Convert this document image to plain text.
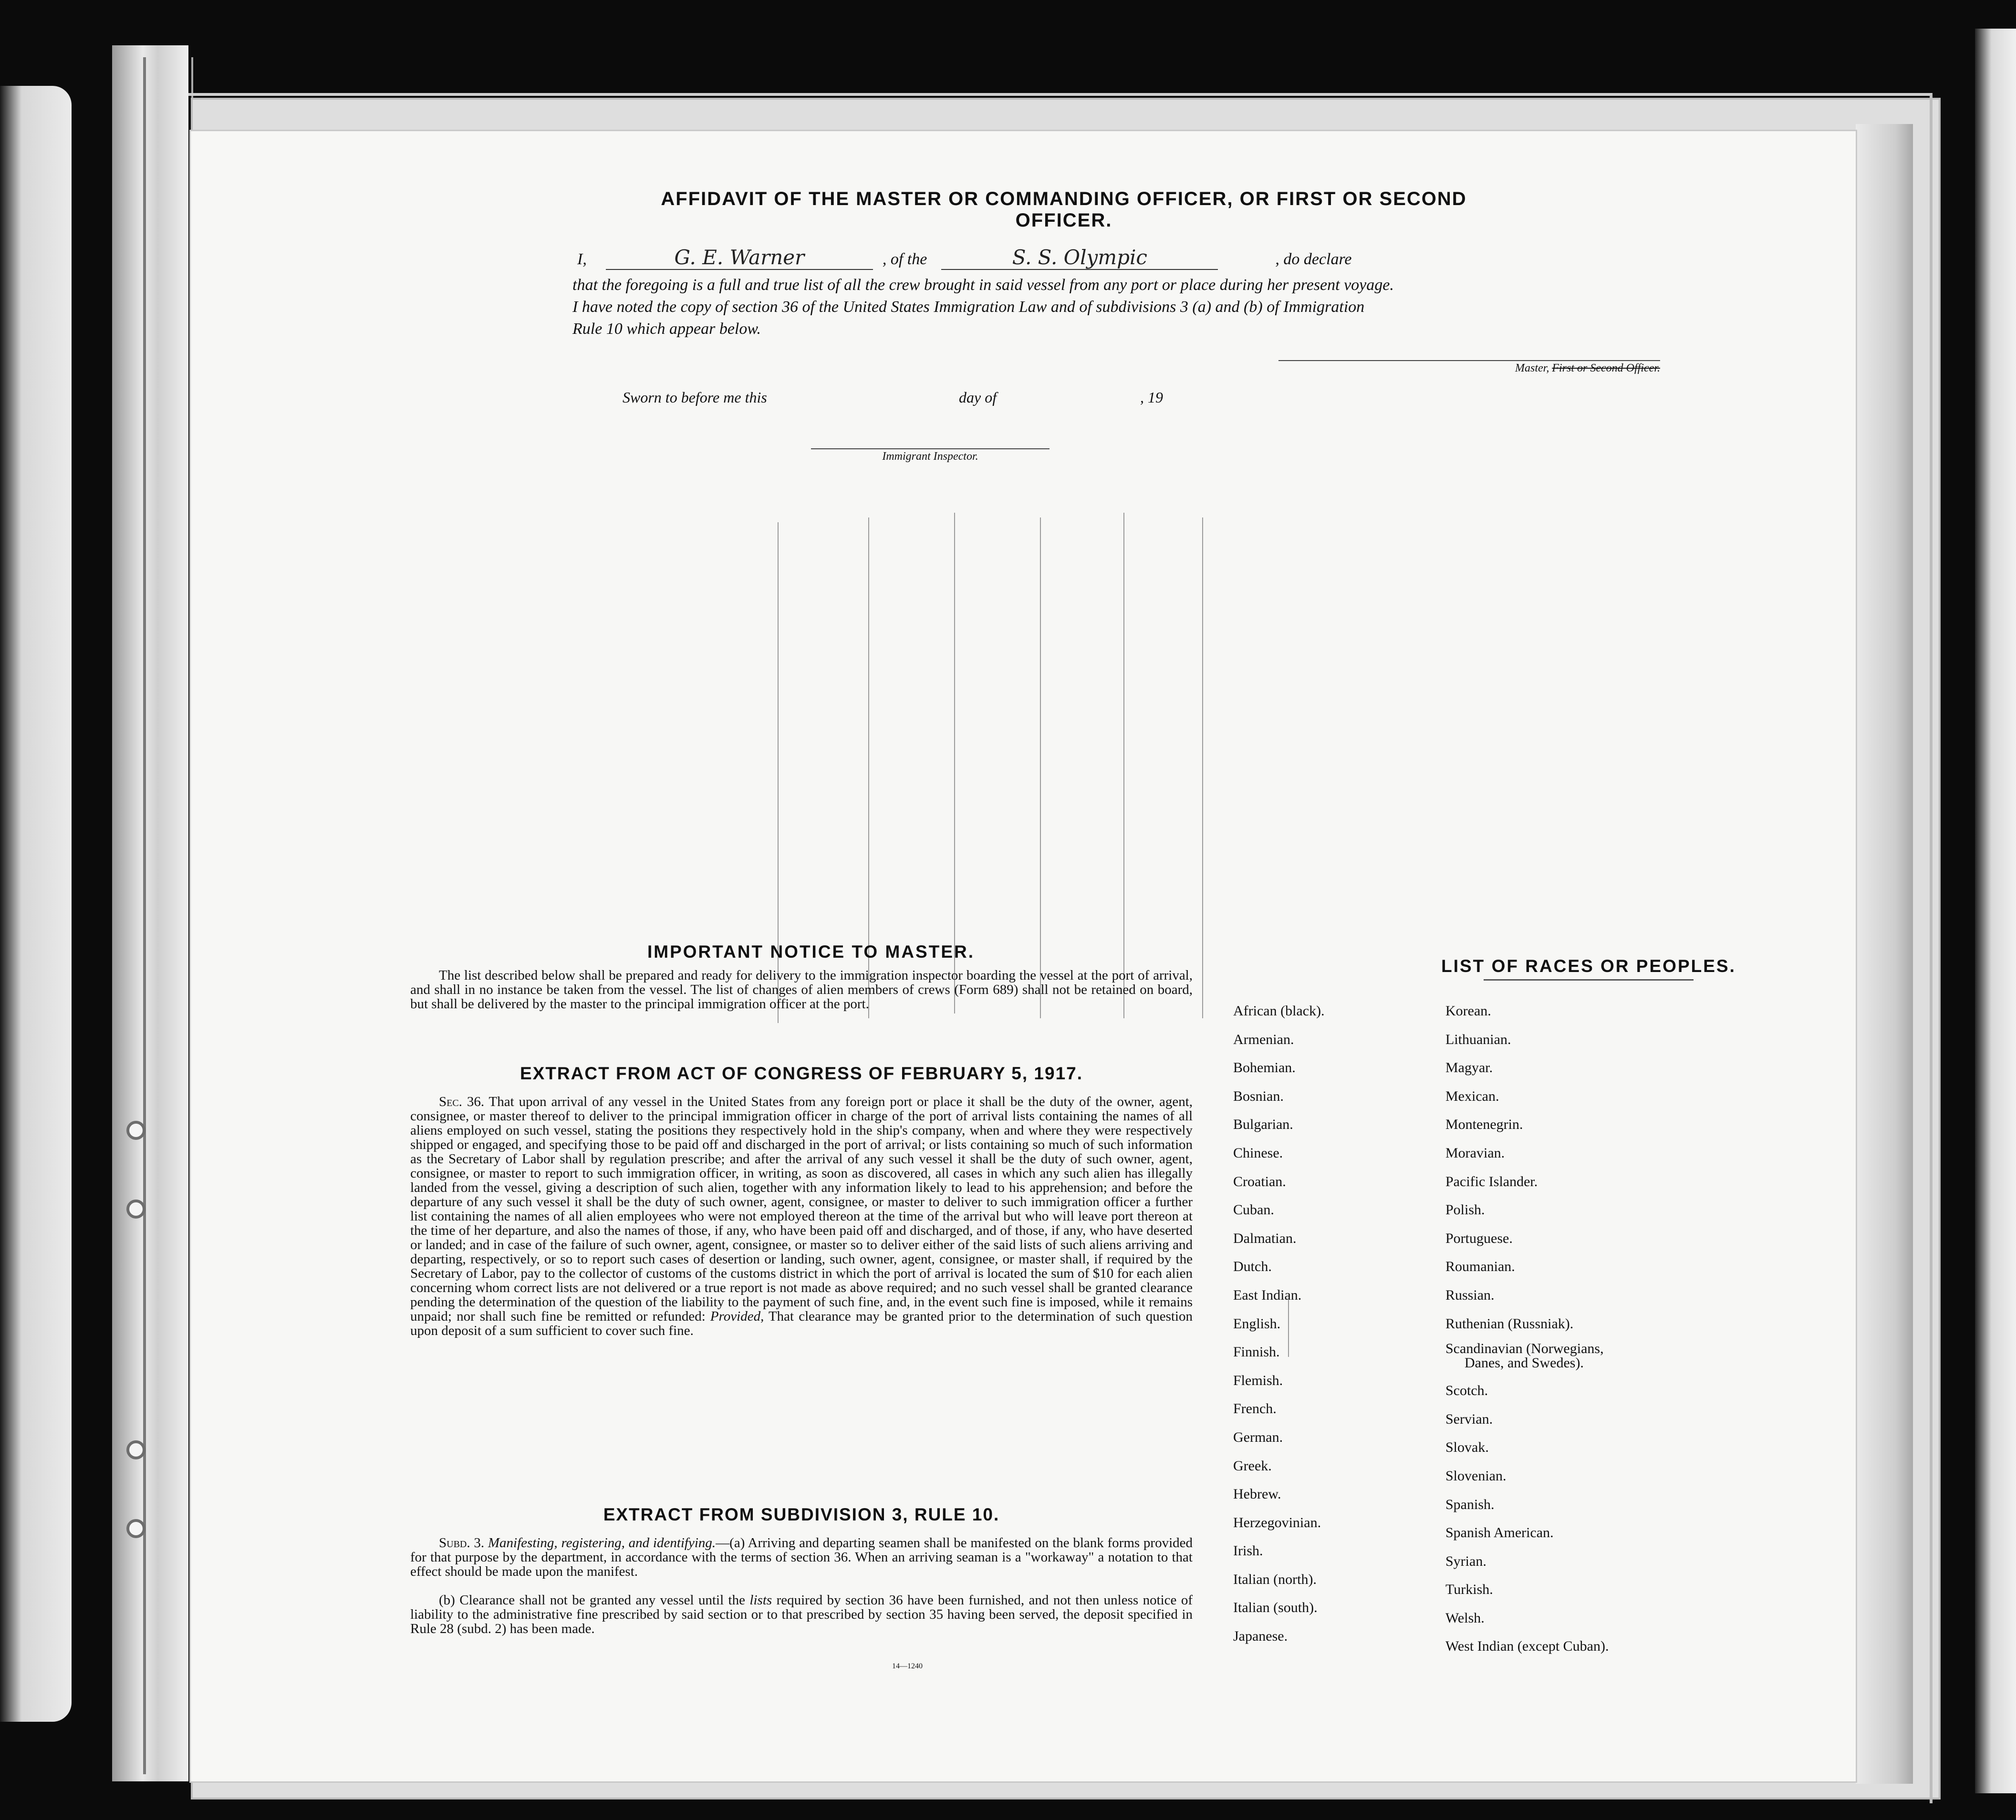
AFFIDAVIT OF THE MASTER OR COMMANDING OFFICER, OR FIRST OR SECOND OFFICER.
I,	G. E. Warner	, of the	S. S. Olympic	, do declare
that the foregoing is a full and true list of all the crew brought in said vessel from any port or place during her present voyage.
I have noted the copy of section 36 of the United States Immigration Law and of subdivisions 3 (a) and (b) of Immigration
Rule 10 which appear below.
Master, First or Second Officer.
Sworn to before me this	day of	, 19
Immigrant Inspector.
IMPORTANT NOTICE TO MASTER.
The list described below shall be prepared and ready for delivery to the immigration inspector boarding the vessel at the port of arrival, and shall in no instance be taken from the vessel. The list of changes of alien members of crews (Form 689) shall not be retained on board, but shall be delivered by the master to the principal immigration officer at the port.
EXTRACT FROM ACT OF CONGRESS OF FEBRUARY 5, 1917.
Sec. 36. That upon arrival of any vessel in the United States from any foreign port or place it shall be the duty of the owner, agent, consignee, or master thereof to deliver to the principal immigration officer in charge of the port of arrival lists containing the names of all aliens employed on such vessel, stating the positions they respectively hold in the ship's company, when and where they were respectively shipped or engaged, and specifying those to be paid off and discharged in the port of arrival; or lists containing so much of such information as the Secretary of Labor shall by regulation prescribe; and after the arrival of any such vessel it shall be the duty of such owner, agent, consignee, or master to report to such immigration officer, in writing, as soon as discovered, all cases in which any such alien has illegally landed from the vessel, giving a description of such alien, together with any information likely to lead to his apprehension; and before the departure of any such vessel it shall be the duty of such owner, agent, consignee, or master to deliver to such immigration officer a further list containing the names of all alien employees who were not employed thereon at the time of the arrival but who will leave port thereon at the time of her departure, and also the names of those, if any, who have been paid off and discharged, and of those, if any, who have deserted or landed; and in case of the failure of such owner, agent, consignee, or master so to deliver either of the said lists of such aliens arriving and departing, respectively, or so to report such cases of desertion or landing, such owner, agent, consignee, or master shall, if required by the Secretary of Labor, pay to the collector of customs of the customs district in which the port of arrival is located the sum of $10 for each alien concerning whom correct lists are not delivered or a true report is not made as above required; and no such vessel shall be granted clearance pending the determination of the question of the liability to the payment of such fine, and, in the event such fine is imposed, while it remains unpaid; nor shall such fine be remitted or refunded: Provided, That clearance may be granted prior to the determination of such question upon deposit of a sum sufficient to cover such fine.
EXTRACT FROM SUBDIVISION 3, RULE 10.
Subd. 3. Manifesting, registering, and identifying.—(a) Arriving and departing seamen shall be manifested on the blank forms provided for that purpose by the department, in accordance with the terms of section 36. When an arriving seaman is a "workaway" a notation to that effect should be made upon the manifest.
(b) Clearance shall not be granted any vessel until the lists required by section 36 have been furnished, and not then unless notice of liability to the administrative fine prescribed by said section or to that prescribed by section 35 having been served, the deposit specified in Rule 28 (subd. 2) has been made.
14—1240
LIST OF RACES OR PEOPLES.
African (black).
Armenian.
Bohemian.
Bosnian.
Bulgarian.
Chinese.
Croatian.
Cuban.
Dalmatian.
Dutch.
East Indian.
English.
Finnish.
Flemish.
French.
German.
Greek.
Hebrew.
Herzegovinian.
Irish.
Italian (north).
Italian (south).
Japanese.
Korean.
Lithuanian.
Magyar.
Mexican.
Montenegrin.
Moravian.
Pacific Islander.
Polish.
Portuguese.
Roumanian.
Russian.
Ruthenian (Russniak).
Scandinavian (Norwegians,
Danes, and Swedes).
Scotch.
Servian.
Slovak.
Slovenian.
Spanish.
Spanish American.
Syrian.
Turkish.
Welsh.
West Indian (except Cuban).
